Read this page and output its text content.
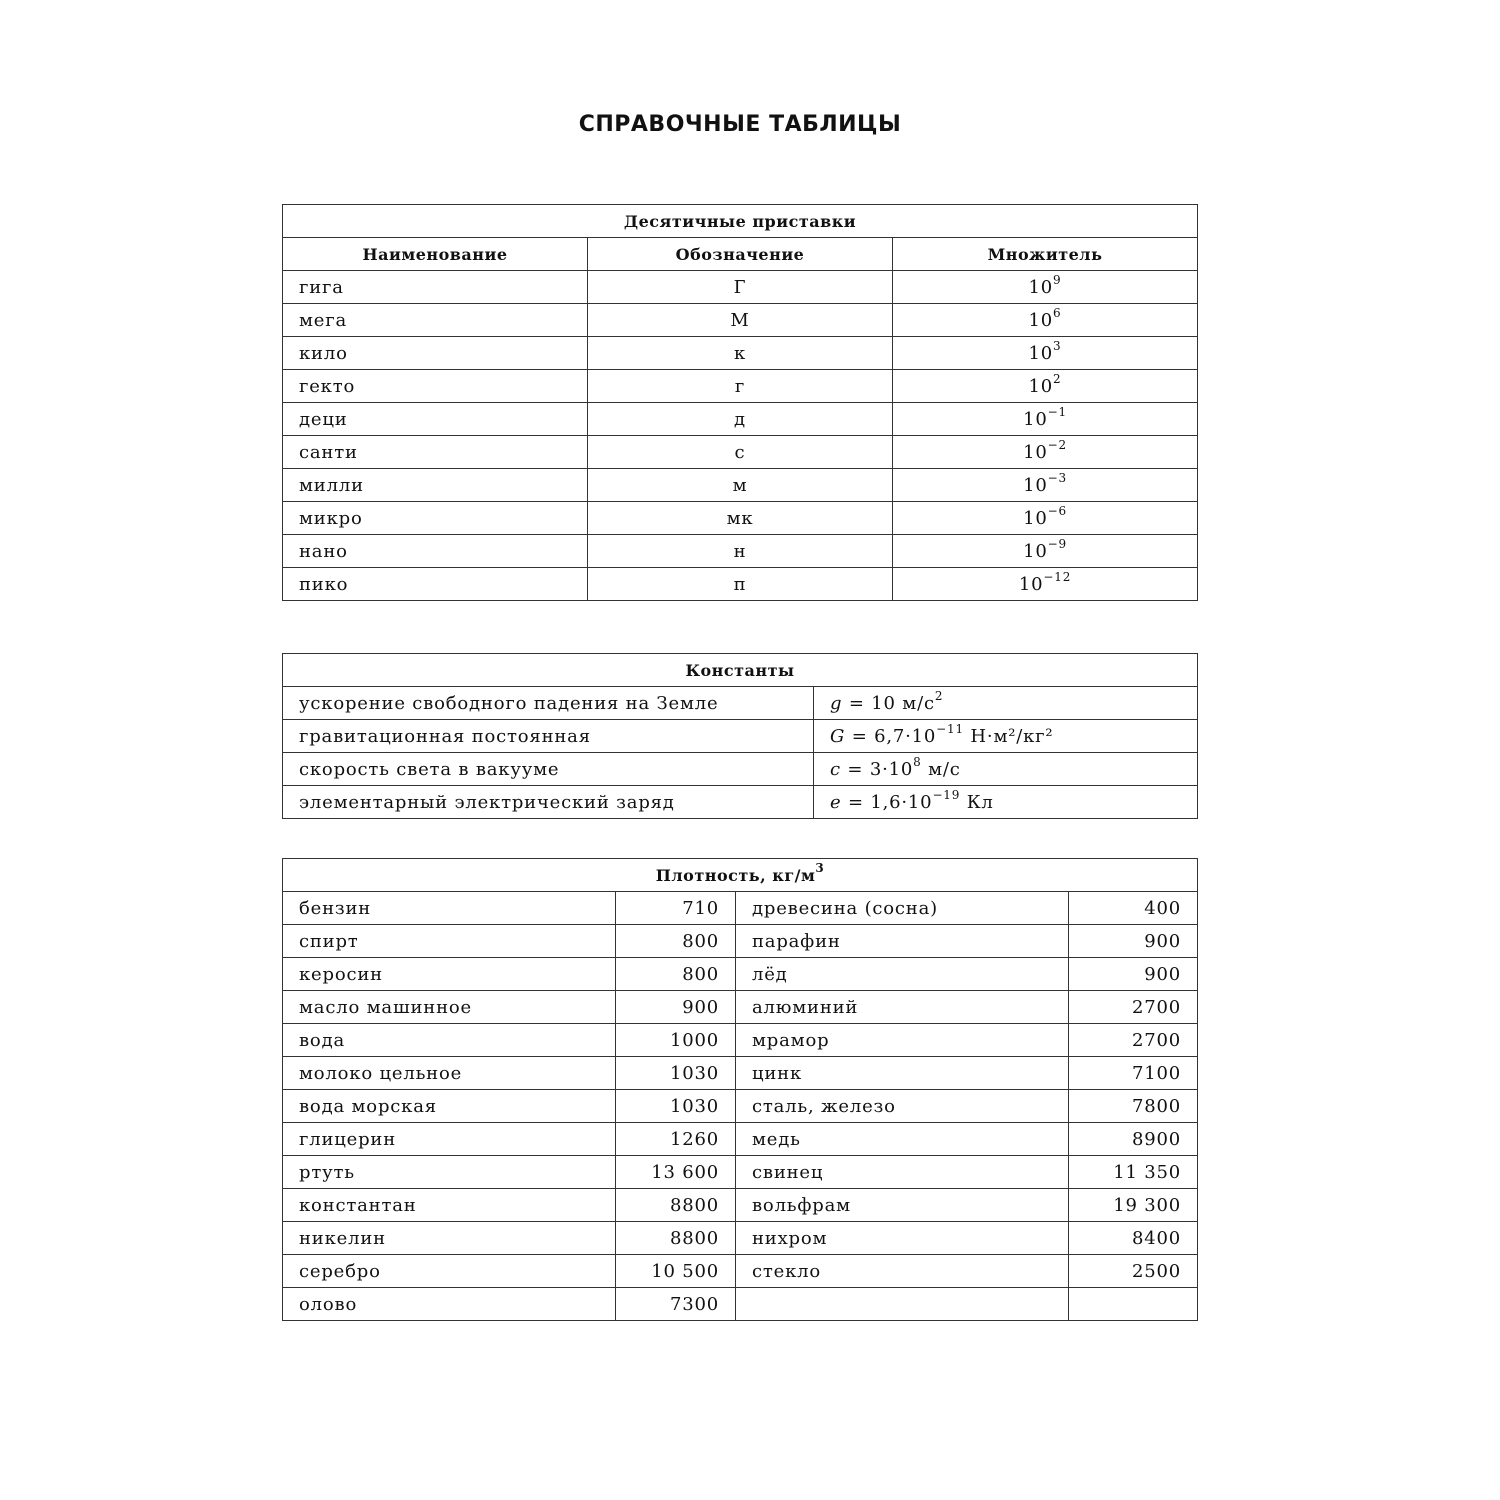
СПРАВОЧНЫЕ ТАБЛИЦЫ
Десятичные приставки		
Наименование	Обозначение	Множитель
гига	Г	$10^9$
мега	М	$10^6$
кило	к	$10^3$
гекто	г	$10^2$
деци	д	$10^{-1}$
санти	с	$10^{-2}$
милли	м	$10^{-3}$
микро	мк	$10^{-6}$
нано	н	$10^{-9}$
пико	п	$10^{-12}$
Константы	
ускорение свободного падения на Земле	g = 10 $м/с^2$
гравитационная постоянная	$G = 6,7\cdot 10^{-11}$ Н·м²/кг²
скорость света в вакууме	$c = 3\cdot 10^8$ м/с
элементарный электрический заряд	$e = 1,6\cdot 10^{-19}$ Кл
Плотность, $кг/м^3$
бензин	710	древесина (сосна)	400
спирт	800	парафин	900
керосин	800	лёд	900
масло машинное	900	алюминий	2700
вода	1000	мрамор	2700
молоко цельное	1030	цинк	7100
вода морская	1030	сталь, железо	7800
глицерин	1260	медь	8900
ртуть	13 600	свинец	11 350
константан	8800	вольфрам	19 300
никелин	8800	нихром	8400
серебро	10 500	стекло	2500
олово	7300		
